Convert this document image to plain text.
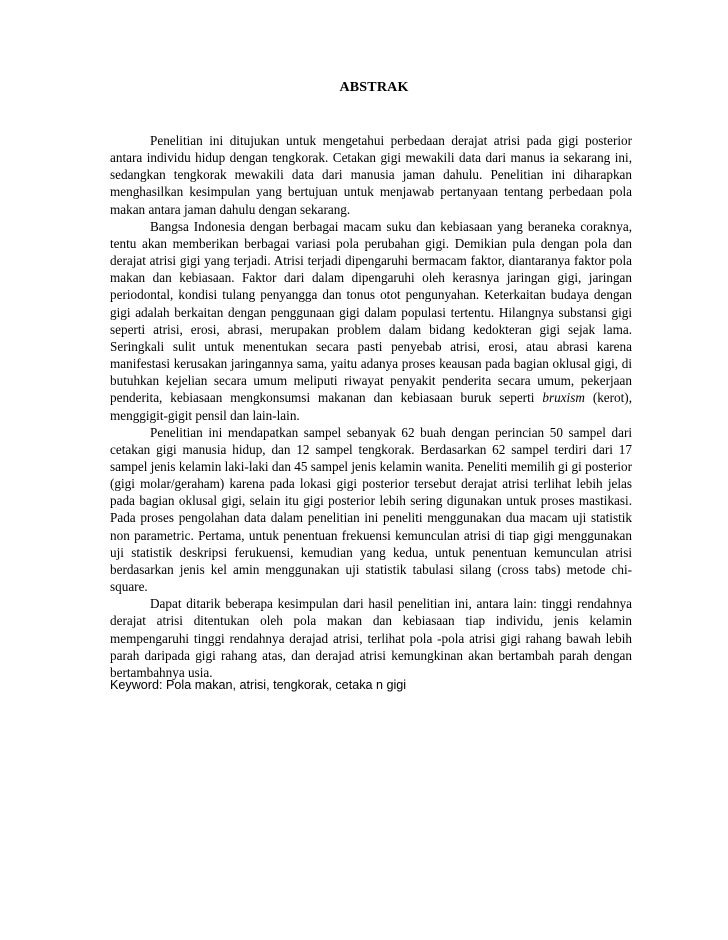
ABSTRAK

Penelitian ini ditujukan untuk mengetahui perbedaan derajat atrisi pada gigi posterior antara individu hidup dengan tengkorak. Cetakan gigi mewakili data dari manus ia sekarang ini, sedangkan tengkorak mewakili data dari manusia jaman dahulu. Penelitian ini diharapkan menghasilkan kesimpulan yang bertujuan untuk menjawab pertanyaan tentang perbedaan pola makan antara jaman dahulu dengan sekarang.

Bangsa Indonesia dengan berbagai macam suku dan kebiasaan yang beraneka coraknya, tentu akan memberikan berbagai variasi pola perubahan gigi. Demikian pula dengan pola dan derajat atrisi gigi yang terjadi. Atrisi terjadi dipengaruhi bermacam faktor, diantaranya faktor pola makan dan kebiasaan. Faktor dari dalam dipengaruhi oleh kerasnya jaringan gigi, jaringan periodontal, kondisi tulang penyangga dan tonus otot pengunyahan. Keterkaitan budaya dengan gigi adalah berkaitan dengan penggunaan gigi dalam populasi tertentu. Hilangnya substansi gigi seperti atrisi, erosi, abrasi, merupakan problem dalam bidang kedokteran gigi sejak lama. Seringkali sulit untuk menentukan secara pasti penyebab atrisi, erosi, atau abrasi karena manifestasi kerusakan jaringannya sama, yaitu adanya proses keausan pada bagian oklusal gigi, di butuhkan kejelian secara umum meliputi riwayat penyakit penderita secara umum, pekerjaan penderita, kebiasaan mengkonsumsi makanan dan kebiasaan buruk seperti bruxism (kerot), menggigit-gigit pensil dan lain-lain.

Penelitian ini mendapatkan sampel sebanyak 62 buah dengan perincian 50 sampel dari cetakan gigi manusia hidup, dan 12 sampel tengkorak. Berdasarkan 62 sampel terdiri dari 17 sampel jenis kelamin laki-laki dan 45 sampel jenis kelamin wanita. Peneliti memilih gi gi posterior (gigi molar/geraham) karena pada lokasi gigi posterior tersebut derajat atrisi terlihat lebih jelas pada bagian oklusal gigi, selain itu gigi posterior lebih sering digunakan untuk proses mastikasi. Pada proses pengolahan data dalam penelitian ini peneliti menggunakan dua macam uji statistik non parametric. Pertama, untuk penentuan frekuensi kemunculan atrisi di tiap gigi menggunakan uji statistik deskripsi ferukuensi, kemudian yang kedua, untuk penentuan kemunculan atrisi berdasarkan jenis kel amin menggunakan uji statistik tabulasi silang (cross tabs) metode chi-square.

Dapat ditarik beberapa kesimpulan dari hasil penelitian ini, antara lain: tinggi rendahnya derajat atrisi ditentukan oleh pola makan dan kebiasaan tiap individu, jenis kelamin mempengaruhi tinggi rendahnya derajad atrisi, terlihat pola -pola atrisi gigi rahang bawah lebih parah daripada gigi rahang atas, dan derajad atrisi kemungkinan akan bertambah parah dengan bertambahnya usia.

Keyword: Pola makan, atrisi, tengkorak, cetaka n gigi
